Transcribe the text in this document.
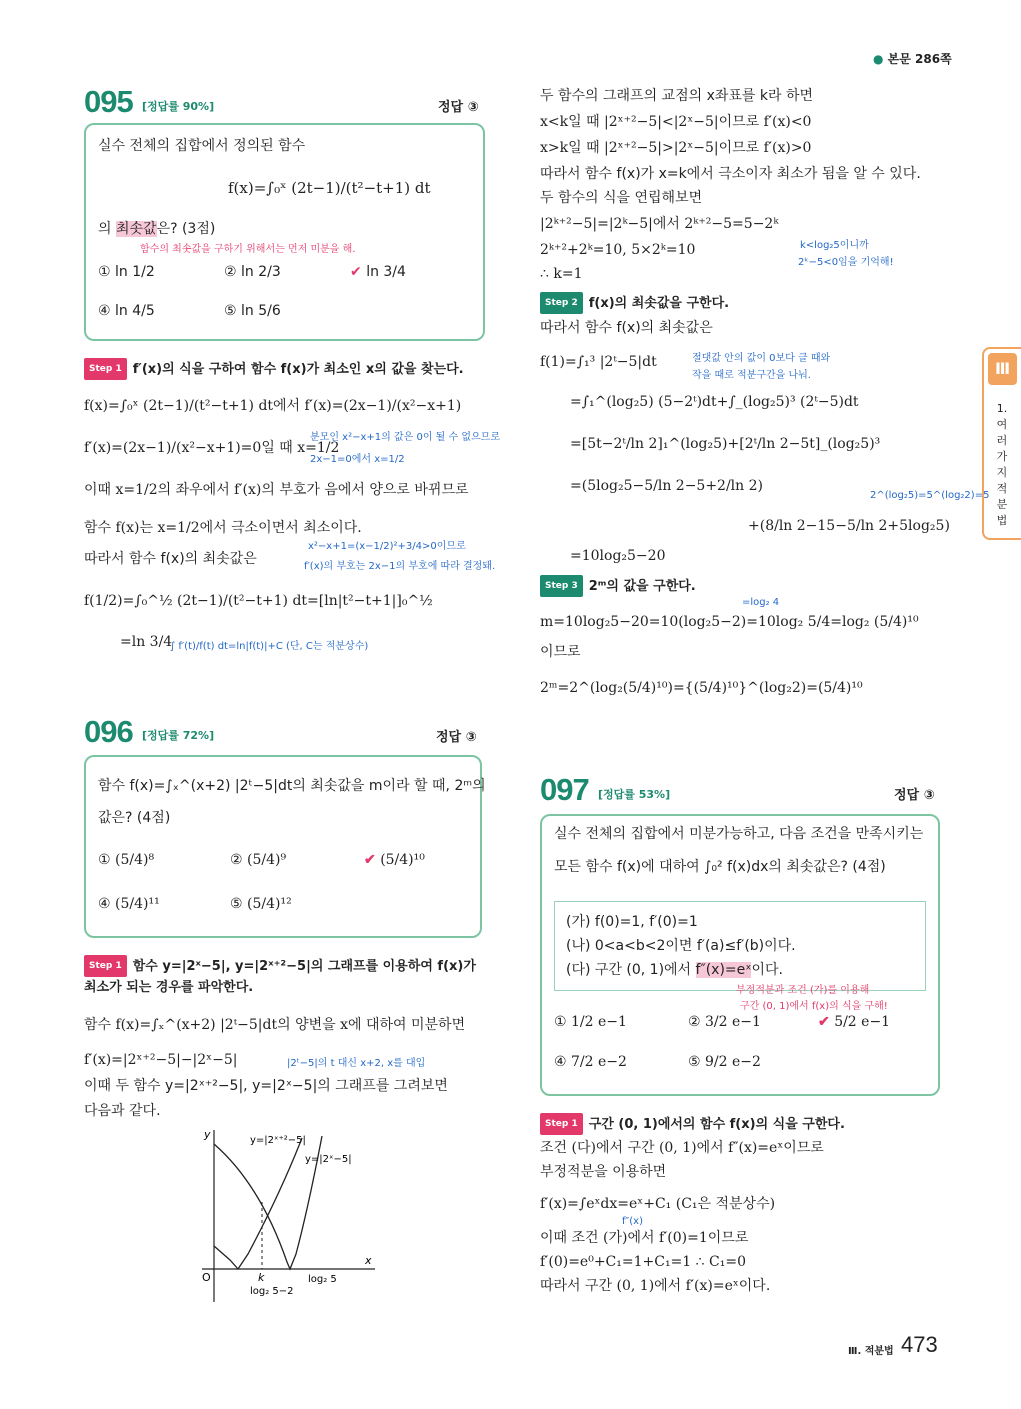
● 본문 286쪽
095 [정답률 90%]	정답 ③
실수 전체의 집합에서 정의된 함수
f(x)=∫₀ˣ (2t−1)/(t²−t+1) dt
의 최솟값은? (3점)
함수의 최솟값을 구하기 위해서는 먼저 미분을 해.
① ln 1/2	② ln 2/3	✔ ln 3/4
④ ln 4/5	⑤ ln 5/6
Step 1 f′(x)의 식을 구하여 함수 f(x)가 최소인 x의 값을 찾는다.
f(x)=∫₀ˣ (2t−1)/(t²−t+1) dt에서 f′(x)=(2x−1)/(x²−x+1)
f′(x)=(2x−1)/(x²−x+1)=0일 때 x=1/2
분모인 x²−x+1의 값은 0이 될 수 없으므로
2x−1=0에서 x=1/2
이때 x=1/2의 좌우에서 f′(x)의 부호가 음에서 양으로 바뀌므로
함수 f(x)는 x=1/2에서 극소이면서 최소이다.
x²−x+1=(x−1/2)²+3/4>0이므로
따라서 함수 f(x)의 최솟값은	f′(x)의 부호는 2x−1의 부호에 따라 결정돼.
f(1/2)=∫₀^½ (2t−1)/(t²−t+1) dt=[ln|t²−t+1|]₀^½
=ln 3/4
∫ f′(t)/f(t) dt=ln|f(t)|+C (단, C는 적분상수)
096 [정답률 72%]	정답 ③
함수 f(x)=∫ₓ^(x+2) |2ᵗ−5|dt의 최솟값을 m이라 할 때, 2ᵐ의
값은? (4점)
① (5/4)⁸	② (5/4)⁹	✔ (5/4)¹⁰
④ (5/4)¹¹	⑤ (5/4)¹²
Step 1 함수 y=|2ˣ−5|, y=|2ˣ⁺²−5|의 그래프를 이용하여 f(x)가
최소가 되는 경우를 파악한다.
함수 f(x)=∫ₓ^(x+2) |2ᵗ−5|dt의 양변을 x에 대하여 미분하면
f′(x)=|2ˣ⁺²−5|−|2ˣ−5|	|2ᵗ−5|의 t 대신 x+2, x를 대입
이때 두 함수 y=|2ˣ⁺²−5|, y=|2ˣ−5|의 그래프를 그려보면
다음과 같다.
y
x
O	k
log₂ 5−2
log₂ 5
y=|2ˣ⁺²−5|
y=|2ˣ−5|
두 함수의 그래프의 교점의 x좌표를 k라 하면
x<k일 때 |2ˣ⁺²−5|<|2ˣ−5|이므로 f′(x)<0
x>k일 때 |2ˣ⁺²−5|>|2ˣ−5|이므로 f′(x)>0
따라서 함수 f(x)가 x=k에서 극소이자 최소가 됨을 알 수 있다.
두 함수의 식을 연립해보면
|2ᵏ⁺²−5|=|2ᵏ−5|에서 2ᵏ⁺²−5=5−2ᵏ
k<log₂5이니까
2ᵏ−5<0임을 기억해!
2ᵏ⁺²+2ᵏ=10, 5×2ᵏ=10
∴ k=1
Step 2 f(x)의 최솟값을 구한다.
따라서 함수 f(x)의 최솟값은
f(1)=∫₁³ |2ᵗ−5|dt	절댓값 안의 값이 0보다 클 때와
작을 때로 적분구간을 나눠.
=∫₁^(log₂5) (5−2ᵗ)dt+∫_(log₂5)³ (2ᵗ−5)dt
=[5t−2ᵗ/ln 2]₁^(log₂5)+[2ᵗ/ln 2−5t]_(log₂5)³
=(5log₂5−5/ln 2−5+2/ln 2)
2^(log₂5)=5^(log₂2)=5
+(8/ln 2−15−5/ln 2+5log₂5)
=10log₂5−20
Step 3 2ᵐ의 값을 구한다.
=log₂ 4
m=10log₂5−20=10(log₂5−2)=10log₂ 5/4=log₂ (5/4)¹⁰
이므로
2ᵐ=2^(log₂(5/4)¹⁰)={(5/4)¹⁰}^(log₂2)=(5/4)¹⁰
097 [정답률 53%]	정답 ③
실수 전체의 집합에서 미분가능하고, 다음 조건을 만족시키는
모든 함수 f(x)에 대하여 ∫₀² f(x)dx의 최솟값은? (4점)
(가) f(0)=1, f′(0)=1
(나) 0<a<b<2이면 f′(a)≤f′(b)이다.
(다) 구간 (0, 1)에서 f″(x)=eˣ이다.
부정적분과 조건 (가)를 이용해
구간 (0, 1)에서 f(x)의 식을 구해!
① 1/2 e−1	② 3/2 e−1	✔ 5/2 e−1
④ 7/2 e−2	⑤ 9/2 e−2
Step 1 구간 (0, 1)에서의 함수 f(x)의 식을 구한다.
조건 (다)에서 구간 (0, 1)에서 f″(x)=eˣ이므로
부정적분을 이용하면
f′(x)=∫eˣdx=eˣ+C₁ (C₁은 적분상수)
f″(x)
이때 조건 (가)에서 f′(0)=1이므로
f′(0)=e⁰+C₁=1+C₁=1 ∴ C₁=0
따라서 구간 (0, 1)에서 f′(x)=eˣ이다.
Ⅲ
1.여러가지적분법
Ⅲ. 적분법 473
